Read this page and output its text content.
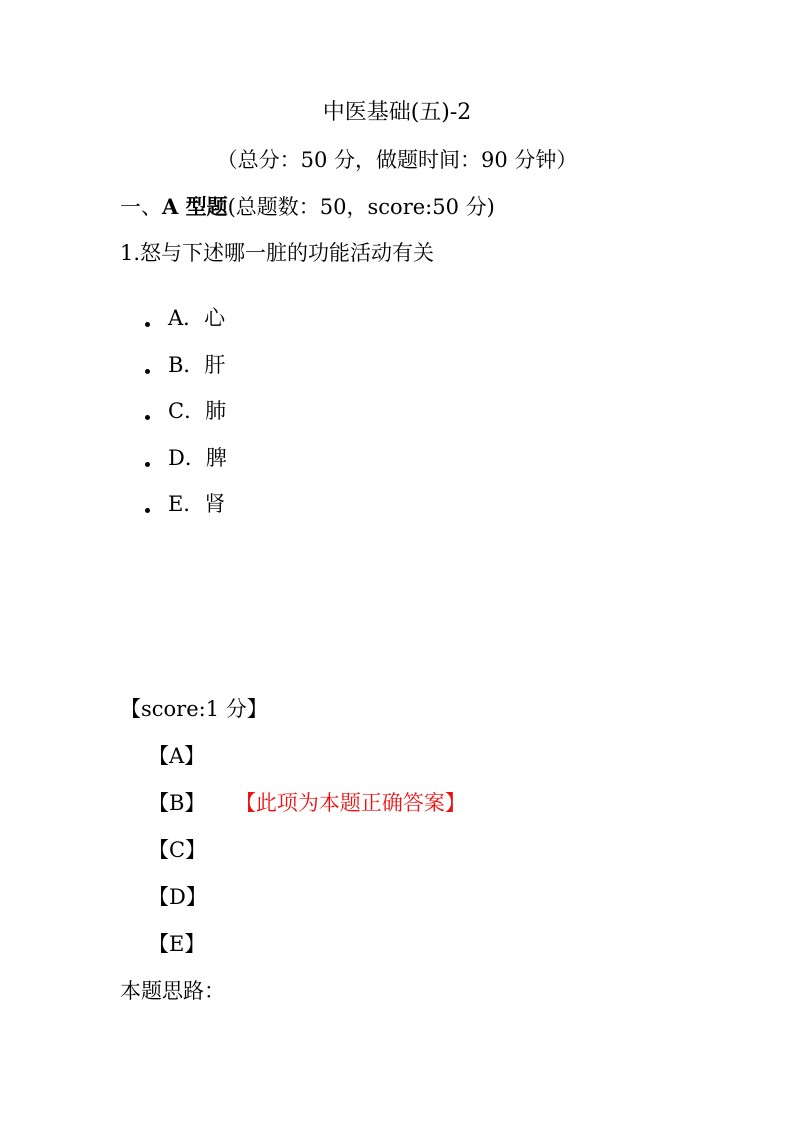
中医基础(五)-2
（总分：50 分，做题时间：90 分钟）
一、A 型题(总题数：50，score:50 分)
1.怒与下述哪一脏的功能活动有关
A．心
B．肝
C．肺
D．脾
E．肾
【score:1 分】
【A】
【B】 【此项为本题正确答案】
【C】
【D】
【E】
本题思路：
